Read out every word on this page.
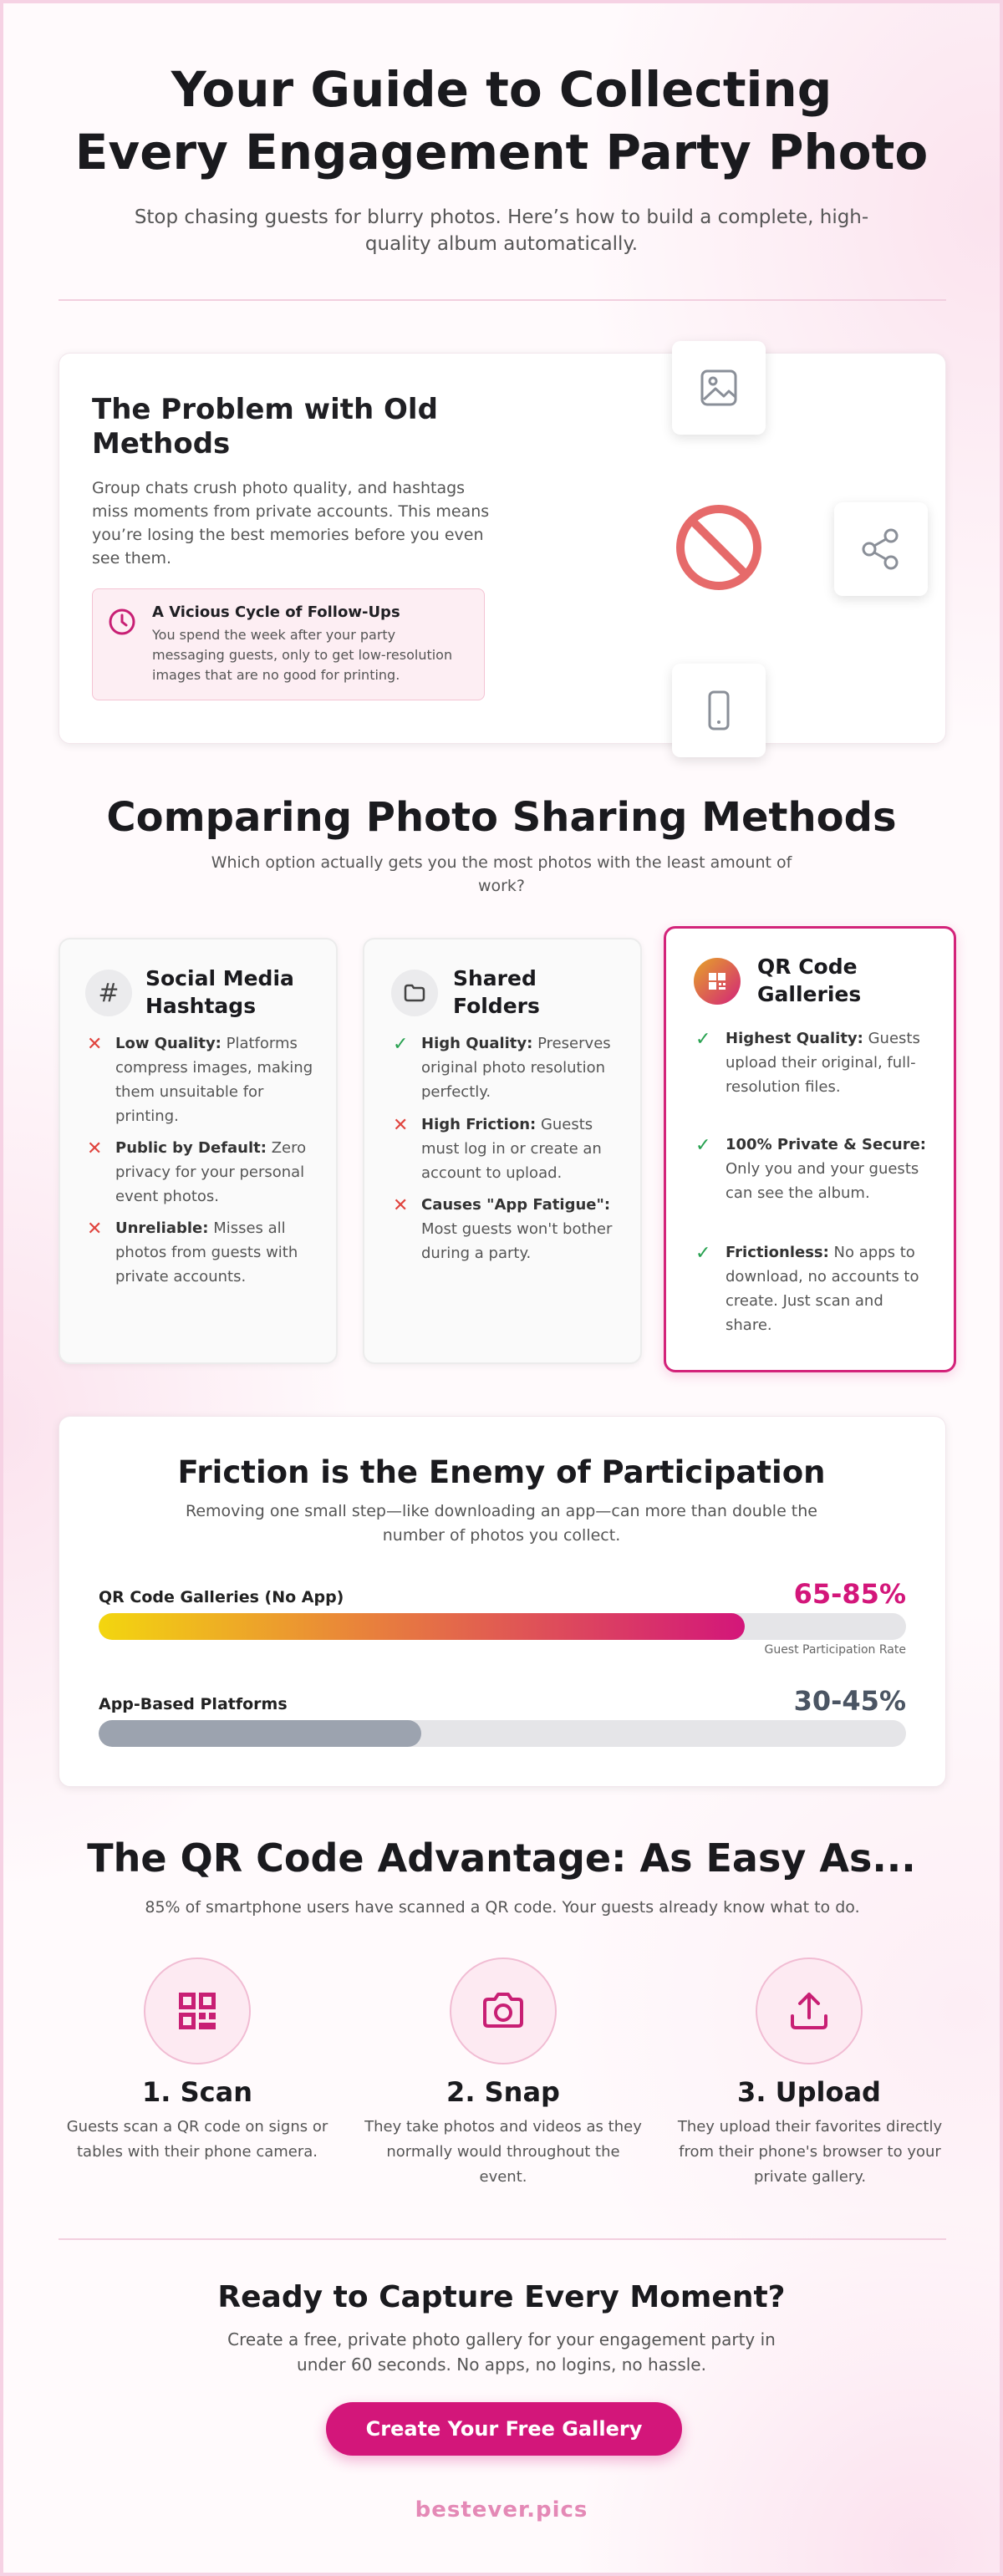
Your Guide to Collecting
Every Engagement Party Photo
Stop chasing guests for blurry photos. Here’s how to build a complete, high-quality album automatically.
The Problem with Old Methods
Group chats crush photo quality, and hashtags miss moments from private accounts. This means you’re losing the best memories before you even see them.
A Vicious Cycle of Follow-Ups
You spend the week after your party messaging guests, only to get low-resolution images that are no good for printing.
Comparing Photo Sharing Methods
Which option actually gets you the most photos with the least amount of work?
#	Social Media Hashtags
✕ Low Quality: Platforms compress images, making them unsuitable for printing.
✕ Public by Default: Zero privacy for your personal event photos.
✕ Unreliable: Misses all photos from guests with private accounts.
Shared Folders
✓ High Quality: Preserves original photo resolution perfectly.
✕ High Friction: Guests must log in or create an account to upload.
✕ Causes "App Fatigue": Most guests won't bother during a party.
QR Code Galleries
✓ Highest Quality: Guests upload their original, full-resolution files.
✓ 100% Private & Secure: Only you and your guests can see the album.
✓ Frictionless: No apps to download, no accounts to create. Just scan and share.
Friction is the Enemy of Participation
Removing one small step—like downloading an app—can more than double the number of photos you collect.
QR Code Galleries (No App)	65-85%
Guest Participation Rate
App-Based Platforms	30-45%
The QR Code Advantage: As Easy As...
85% of smartphone users have scanned a QR code. Your guests already know what to do.
1. Scan	2. Snap	3. Upload
Guests scan a QR code on signs or tables with their phone camera.
They take photos and videos as they normally would throughout the event.
They upload their favorites directly from their phone's browser to your private gallery.
Ready to Capture Every Moment?
Create a free, private photo gallery for your engagement party in under 60 seconds. No apps, no logins, no hassle.
Create Your Free Gallery
bestever.pics
